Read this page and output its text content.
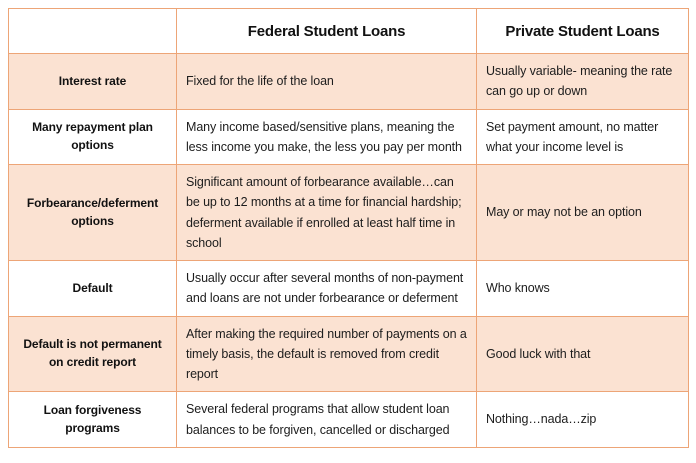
	Federal Student Loans	Private Student Loans
Interest rate	Fixed for the life of the loan	Usually variable- meaning the rate can go up or down
Many repayment plan options	Many income based/sensitive plans, meaning the less income you make, the less you pay per month	Set payment amount, no matter what your income level is
Forbearance/deferment options	Significant amount of forbearance available…can be up to 12 months at a time for financial hardship; deferment available if enrolled at least half time in school	May or may not be an option
Default	Usually occur after several months of non-payment and loans are not under forbearance or deferment	Who knows
Default is not permanent on credit report	After making the required number of payments on a timely basis, the default is removed from credit report	Good luck with that
Loan forgiveness programs	Several federal programs that allow student loan balances to be forgiven, cancelled or discharged	Nothing…nada…zip
